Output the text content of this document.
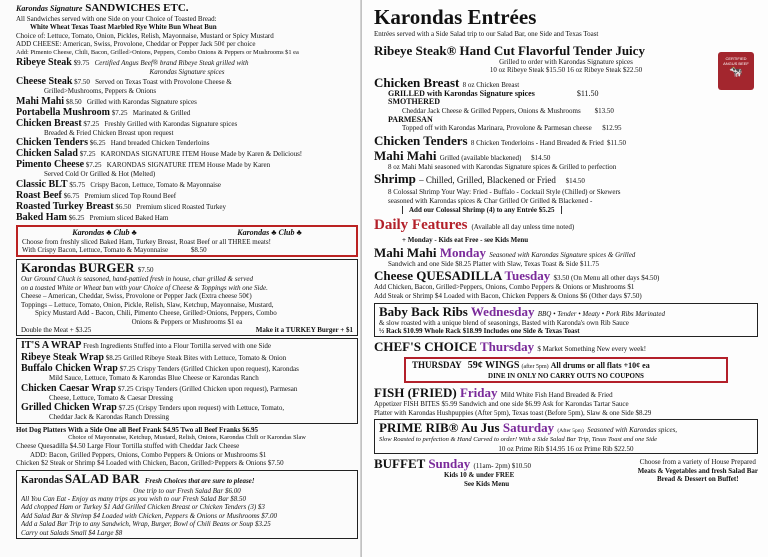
Karondas Signature SANDWICHES ETC.
All Sandwiches served with one Side on your Choice of Toasted Bread:
White Wheat Texas Toast Marbled Rye White Bun Wheat Bun
Choice of: Lettuce, Tomato, Onion, Pickles, Relish, Mayonnaise, Mustard or Spicy Mustard
ADD CHEESE: American, Swiss, Provolone, Cheddar or Pepper Jack 50¢ per choice
Add: Pimento Cheese, Chili, Bacon, Grilled>Onions, Peppers, Combo Onions & Peppers or Mushrooms $1 ea
Ribeye Steak $9.75 Certified Angus Beef® brand Ribeye Steak grilled with
Karondas Signature spices
Cheese Steak $7.50 Served on Texas Toast with Provolone Cheese &
Grilled>Mushrooms, Peppers & Onions
Mahi Mahi $8.50 Grilled with Karondas Signature spices
Portabella Mushroom $7.25 Marinated & Grilled
Chicken Breast $7.25 Freshly Grilled with Karondas Signature spices
Breaded & Fried Chicken Breast upon request
Chicken Tenders $6.25 Hand breaded Chicken Tenderloins
Chicken Salad $7.25 KARONDAS SIGNATURE ITEM House Made by Karen & Delicious!
Pimento Cheese $7.25 KARONDAS SIGNATURE ITEM House Made by Karen
Served Cold Or Grilled & Hot (Melted)
Classic BLT $5.75 Crispy Bacon, Lettuce, Tomato & Mayonnaise
Roast Beef $6.75 Premium sliced Top Round Beef
Roasted Turkey Breast $6.50 Premium sliced Roasted Turkey
Baked Ham $6.25 Premium sliced Baked Ham
Karondas ♣ Club ♣	Karondas ♣ Club ♣
Choose from freshly sliced Baked Ham, Turkey Breast, Roast Beef or all THREE meats!
With Crispy Bacon, Lettuce, Tomato & Mayonnaise	$8.50
Karondas BURGER $7.50
Our Ground Chuck is seasoned, hand-pattied fresh in house, char grilled & served
on a toasted White or Wheat bun with your Choice of Cheese & Toppings with one Side.
Cheese – American, Cheddar, Swiss, Provolone or Pepper Jack (Extra cheese 50¢)
Toppings – Lettuce, Tomato, Onion, Pickle, Relish, Slaw, Ketchup, Mayonnaise, Mustard,
Spicy Mustard Add - Bacon, Chili, Pimento Cheese, Grilled>Onions, Peppers, Combo
Onions & Peppers or Mushrooms $1 ea
Double the Meat + $3.25	Make it a TURKEY Burger + $1
IT'S A WRAP Fresh Ingredients Stuffed into a Flour Tortilla served with one Side
Ribeye Steak Wrap $8.25 Grilled Ribeye Steak Bites with Lettuce, Tomato & Onion
Buffalo Chicken Wrap $7.25 Crispy Tenders (Grilled Chicken upon request), Karondas
Mild Sauce, Lettuce, Tomato & Karondas Blue Cheese or Karondas Ranch
Chicken Caesar Wrap $7.25 Crispy Tenders (Grilled Chicken upon request), Parmesan
Cheese, Lettuce, Tomato & Caesar Dressing
Grilled Chicken Wrap $7.25 (Crispy Tenders upon request) with Lettuce, Tomato,
Cheddar Jack & Karondas Ranch Dressing
Hot Dog Platters With a Side One all Beef Frank $4.95 Two all Beef Franks $6.95
Choice of Mayonnaise, Ketchup, Mustard, Relish, Onions, Karondas Chili or Karondas Slaw
Cheese Quesadilla $4.50 Large Flour Tortilla stuffed with Cheddar Jack Cheese
ADD: Bacon, Grilled Peppers, Onions, Combo Peppers & Onions or Mushrooms $1
Chicken $2 Steak or Shrimp $4 Loaded with Chicken, Bacon, Grilled>Peppers & Onions $7.50
Karondas SALAD BAR Fresh Choices that are sure to please!
One trip to our Fresh Salad Bar $6.00
All You Can Eat - Enjoy as many trips as you wish to our Fresh Salad Bar $8.50
Add chopped Ham or Turkey $1 Add Grilled Chicken Breast or Chicken Tenders (3) $3
Add Salad Bar & Shrimp $4 Loaded with Chicken, Peppers & Onions or Mushrooms $7.00
Add a Salad Bar Trip to any Sandwich, Wrap, Burger, Bowl of Chili Beans or Soup $3.25
Carry out Salads Small $4 Large $8
Karondas Entrées
Entrées served with a Side Salad trip to our Salad Bar, one Side and Texas Toast
CERTIFIED ANGUS BEEF
🐄
Ribeye Steak® Hand Cut Flavorful Tender Juicy
Grilled to order with Karondas Signature spices
10 oz Ribeye Steak $15.50 16 oz Ribeye Steak $22.50
Chicken Breast 8 oz Chicken Breast
GRILLED with Karondas Signature spices	$11.50
SMOTHERED
Cheddar Jack Cheese & Grilled Peppers, Onions & Mushrooms $13.50
PARMESAN
Topped off with Karondas Marinara, Provolone & Parmesan cheese $12.95
Chicken Tenders 8 Chicken Tenderloins - Hand Breaded & Fried $11.50
Mahi Mahi Grilled (available blackened) $14.50
8 oz Mahi Mahi seasoned with Karondas Signature spices & Grilled to perfection
Shrimp – Chilled, Grilled, Blackened or Fried $14.50
8 Colossal Shrimp Your Way: Fried - Buffalo - Cocktail Style (Chilled) or Skewers
seasoned with Karondas spices & Char Grilled Or Grilled & Blackened -
Add our Colossal Shrimp (4) to any Entrée $5.25
Daily Features (Available all day unless time noted)
+ Monday - Kids eat Free - see Kids Menu
Mahi Mahi Monday Seasoned with Karondas Signature spices & Grilled
Sandwich and one Side $8.25 Platter with Slaw, Texas Toast & Side $11.75
Cheese QUESADILLA Tuesday $3.50 (On Menu all other days $4.50)
Add Chicken, Bacon, Grilled>Peppers, Onions, Combo Peppers & Onions or Mushrooms $1
Add Steak or Shrimp $4 Loaded with Bacon, Chicken Peppers & Onions $6 (Other days $7.50)
Baby Back Ribs Wednesday BBQ • Tender • Meaty • Pork Ribs Marinated
& slow roasted with a unique blend of seasonings, Basted with Karonda's own Rib Sauce
½ Rack $10.99 Whole Rack $18.99 Includes one Side & Texas Toast
CHEF'S CHOICE Thursday $ Market Something New every week!
THURSDAY 59¢ WINGS (after 5pm) All drums or all flats +10¢ ea
DINE IN ONLY NO CARRY OUTS NO COUPONS
FISH (FRIED) Friday Mild White Fish Hand Breaded & Fried
Appetizer FISH BITES $5.99 Sandwich and one side $6.99 Ask for Karondas Tartar Sauce
Platter with Karondas Hushpuppies (After 5pm), Texas toast (Before 5pm), Slaw & one Side $8.29
PRIME RIB® Au Jus Saturday (After 5pm) Seasoned with Karondas spices,
Slow Roasted to perfection & Hand Carved to order! With a Side Salad Bar Trip, Texas Toast and one Side
10 oz Prime Rib $14.95 16 oz Prime Rib $22.50
BUFFET Sunday (11am- 2pm) $10.50
Kids 10 & under FREE
See Kids Menu
Choose from a variety of House Prepared
Meats & Vegetables and fresh Salad Bar
Bread & Dessert on Buffet!
